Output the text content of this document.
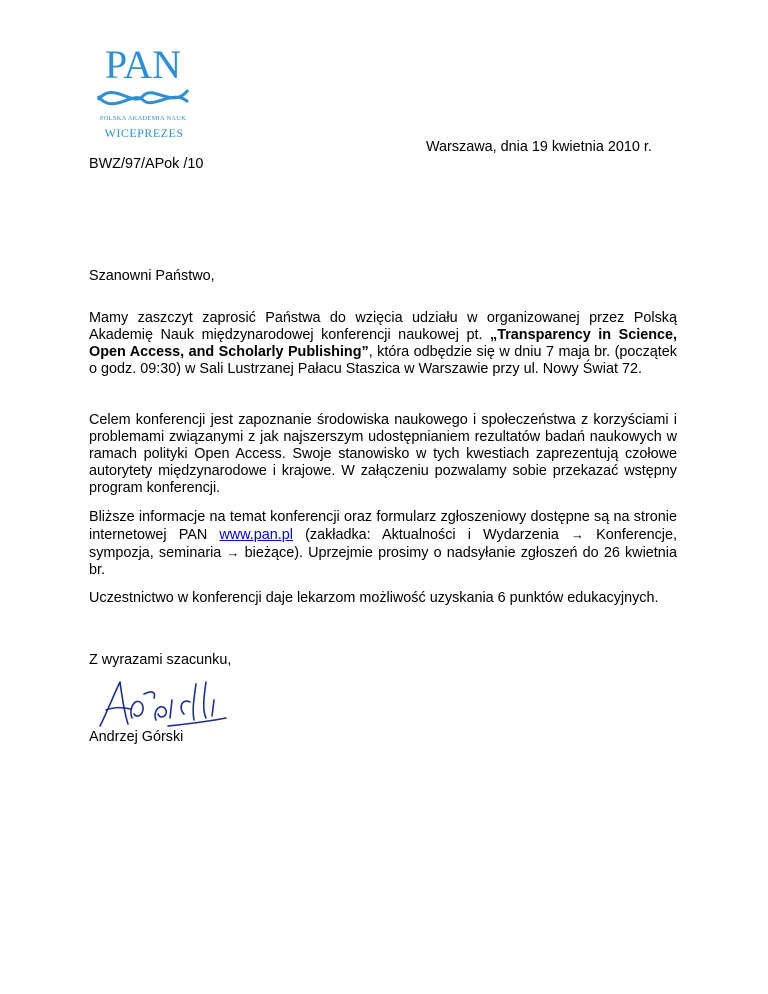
PAN
POLSKA AKADEMIA NAUK
WICEPREZES
Warszawa, dnia 19 kwietnia 2010 r.
BWZ/97/APok /10
Szanowni Państwo,

Mamy zaszczyt zaprosić Państwa do wzięcia udziału w organizowanej przez Polską Akademię Nauk międzynarodowej konferencji naukowej pt. „Transparency in Science, Open Access, and Scholarly Publishing”, która odbędzie się w dniu 7 maja br. (początek o godz. 09:30) w Sali Lustrzanej Pałacu Staszica w Warszawie przy ul. Nowy Świat 72.

Celem konferencji jest zapoznanie środowiska naukowego i społeczeństwa z korzyściami i problemami związanymi z jak najszerszym udostępnianiem rezultatów badań naukowych w ramach polityki Open Access. Swoje stanowisko w tych kwestiach zaprezentują czołowe autorytety międzynarodowe i krajowe. W załączeniu pozwalamy sobie przekazać wstępny program konferencji.

Bliższe informacje na temat konferencji oraz formularz zgłoszeniowy dostępne są na stronie internetowej PAN www.pan.pl (zakładka: Aktualności i Wydarzenia → Konferencje, sympozja, seminaria → bieżące). Uprzejmie prosimy o nadsyłanie zgłoszeń do 26 kwietnia br.

Uczestnictwo w konferencji daje lekarzom możliwość uzyskania 6 punktów edukacyjnych.

Z wyrazami szacunku,
Andrzej Górski
